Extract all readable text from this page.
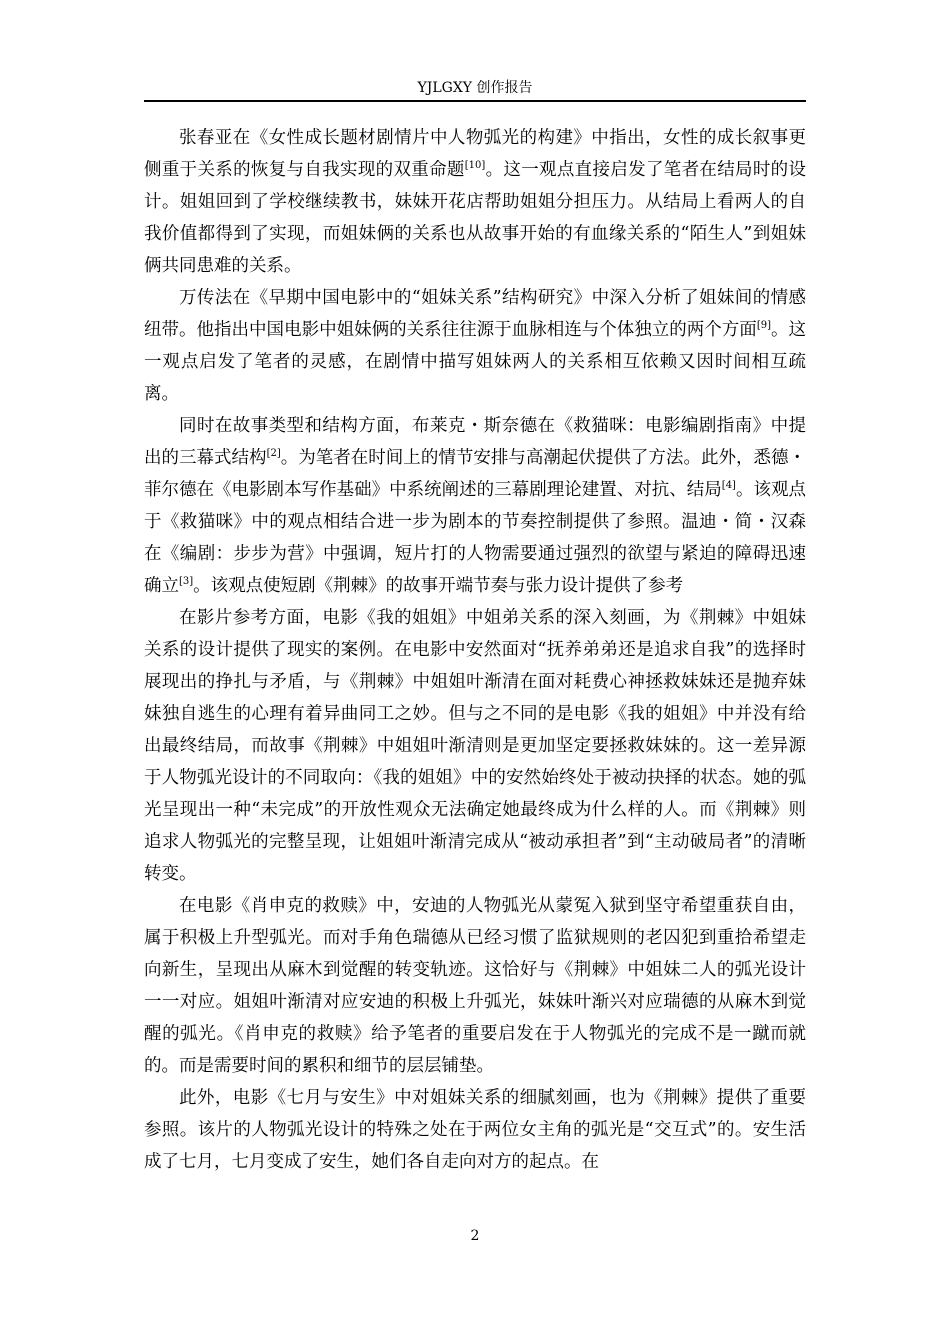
YJLGXY 创作报告

张春亚在《女性成长题材剧情片中人物弧光的构建》中指出，女性的成长叙事更侧重于关系的恢复与自我实现的双重命题[10]。这一观点直接启发了笔者在结局时的设计。姐姐回到了学校继续教书，妹妹开花店帮助姐姐分担压力。从结局上看两人的自我价值都得到了实现，而姐妹俩的关系也从故事开始的有血缘关系的“陌生人”到姐妹俩共同患难的关系。

万传法在《早期中国电影中的“姐妹关系”结构研究》中深入分析了姐妹间的情感纽带。他指出中国电影中姐妹俩的关系往往源于血脉相连与个体独立的两个方面[9]。这一观点启发了笔者的灵感，在剧情中描写姐妹两人的关系相互依赖又因时间相互疏离。

同时在故事类型和结构方面，布莱克・斯奈德在《救猫咪：电影编剧指南》中提出的三幕式结构[2]。为笔者在时间上的情节安排与高潮起伏提供了方法。此外，悉德・菲尔德在《电影剧本写作基础》中系统阐述的三幕剧理论建置、对抗、结局[4]。该观点于《救猫咪》中的观点相结合进一步为剧本的节奏控制提供了参照。温迪・简・汉森在《编剧：步步为营》中强调，短片打的人物需要通过强烈的欲望与紧迫的障碍迅速确立[3]。该观点使短剧《荆棘》的故事开端节奏与张力设计提供了参考

在影片参考方面，电影《我的姐姐》中姐弟关系的深入刻画，为《荆棘》中姐妹关系的设计提供了现实的案例。在电影中安然面对“抚养弟弟还是追求自我”的选择时展现出的挣扎与矛盾，与《荆棘》中姐姐叶渐清在面对耗费心神拯救妹妹还是抛弃妹妹独自逃生的心理有着异曲同工之妙。但与之不同的是电影《我的姐姐》中并没有给出最终结局，而故事《荆棘》中姐姐叶渐清则是更加坚定要拯救妹妹的。这一差异源于人物弧光设计的不同取向：《我的姐姐》中的安然始终处于被动抉择的状态。她的弧光呈现出一种“未完成”的开放性观众无法确定她最终成为什么样的人。而《荆棘》则追求人物弧光的完整呈现，让姐姐叶渐清完成从“被动承担者”到“主动破局者”的清晰转变。

在电影《肖申克的救赎》中，安迪的人物弧光从蒙冤入狱到坚守希望重获自由，属于积极上升型弧光。而对手角色瑞德从已经习惯了监狱规则的老囚犯到重拾希望走向新生，呈现出从麻木到觉醒的转变轨迹。这恰好与《荆棘》中姐妹二人的弧光设计一一对应。姐姐叶渐清对应安迪的积极上升弧光，妹妹叶渐兴对应瑞德的从麻木到觉醒的弧光。《肖申克的救赎》给予笔者的重要启发在于人物弧光的完成不是一蹴而就的。而是需要时间的累积和细节的层层铺垫。

此外，电影《七月与安生》中对姐妹关系的细腻刻画，也为《荆棘》提供了重要参照。该片的人物弧光设计的特殊之处在于两位女主角的弧光是“交互式”的。安生活成了七月，七月变成了安生，她们各自走向对方的起点。在

2
